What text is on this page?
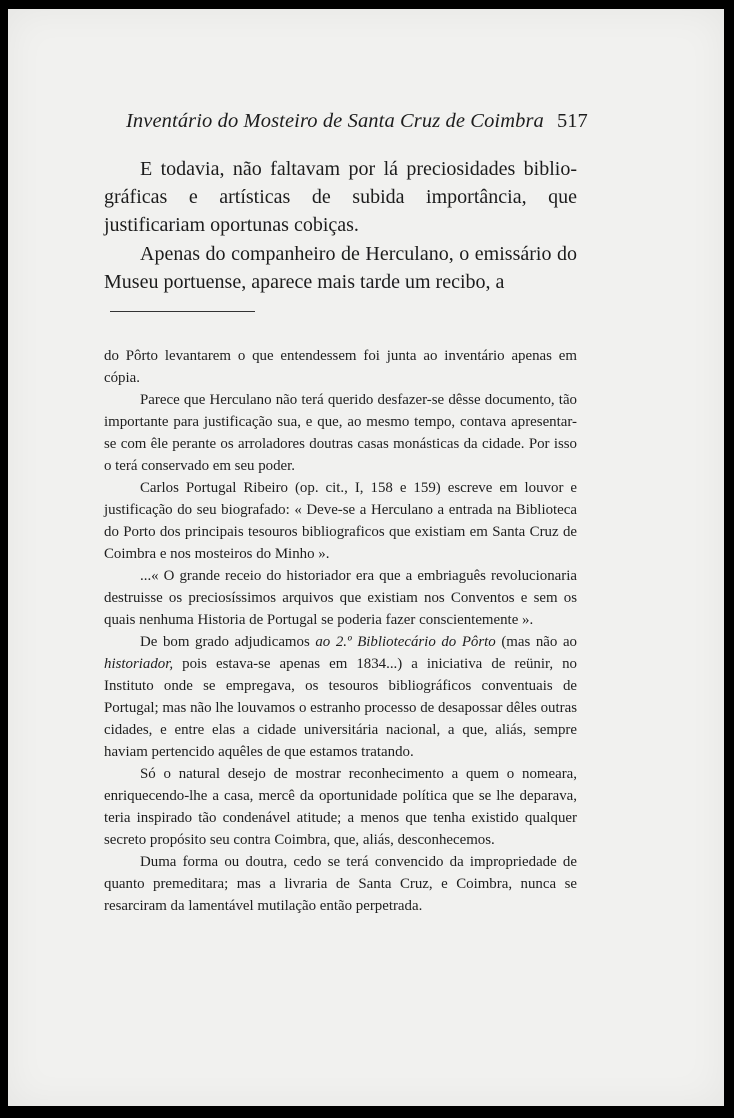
Inventário do Mosteiro de Santa Cruz de Coimbra 517

E todavia, não faltavam por lá preciosidades bibliográficas e artísticas de subida importância, que justificariam oportunas cobiças.

Apenas do companheiro de Herculano, o emissário do Museu portuense, aparece mais tarde um recibo, a

do Pôrto levantarem o que entendessem foi junta ao inventário apenas em cópia.

Parece que Herculano não terá querido desfazer-se dêsse documento, tão importante para justificação sua, e que, ao mesmo tempo, contava apresentar-se com êle perante os arroladores doutras casas monásticas da cidade. Por isso o terá conservado em seu poder.

Carlos Portugal Ribeiro (op. cit., I, 158 e 159) escreve em louvor e justificação do seu biografado: « Deve-se a Herculano a entrada na Biblioteca do Porto dos principais tesouros bibliograficos que existiam em Santa Cruz de Coimbra e nos mosteiros do Minho ».

...« O grande receio do historiador era que a embriaguês revolucionaria destruisse os preciosíssimos arquivos que existiam nos Conventos e sem os quais nenhuma Historia de Portugal se poderia fazer conscientemente ».

De bom grado adjudicamos ao 2.º Bibliotecário do Pôrto (mas não ao historiador, pois estava-se apenas em 1834...) a iniciativa de reünir, no Instituto onde se empregava, os tesouros bibliográficos conventuais de Portugal; mas não lhe louvamos o estranho processo de desapossar dêles outras cidades, e entre elas a cidade universitária nacional, a que, aliás, sempre haviam pertencido aquêles de que estamos tratando.

Só o natural desejo de mostrar reconhecimento a quem o nomeara, enriquecendo-lhe a casa, mercê da oportunidade política que se lhe deparava, teria inspirado tão condenável atitude; a menos que tenha existido qualquer secreto propósito seu contra Coimbra, que, aliás, desconhecemos.

Duma forma ou doutra, cedo se terá convencido da impropriedade de quanto premeditara; mas a livraria de Santa Cruz, e Coimbra, nunca se resarciram da lamentável mutilação então perpetrada.
